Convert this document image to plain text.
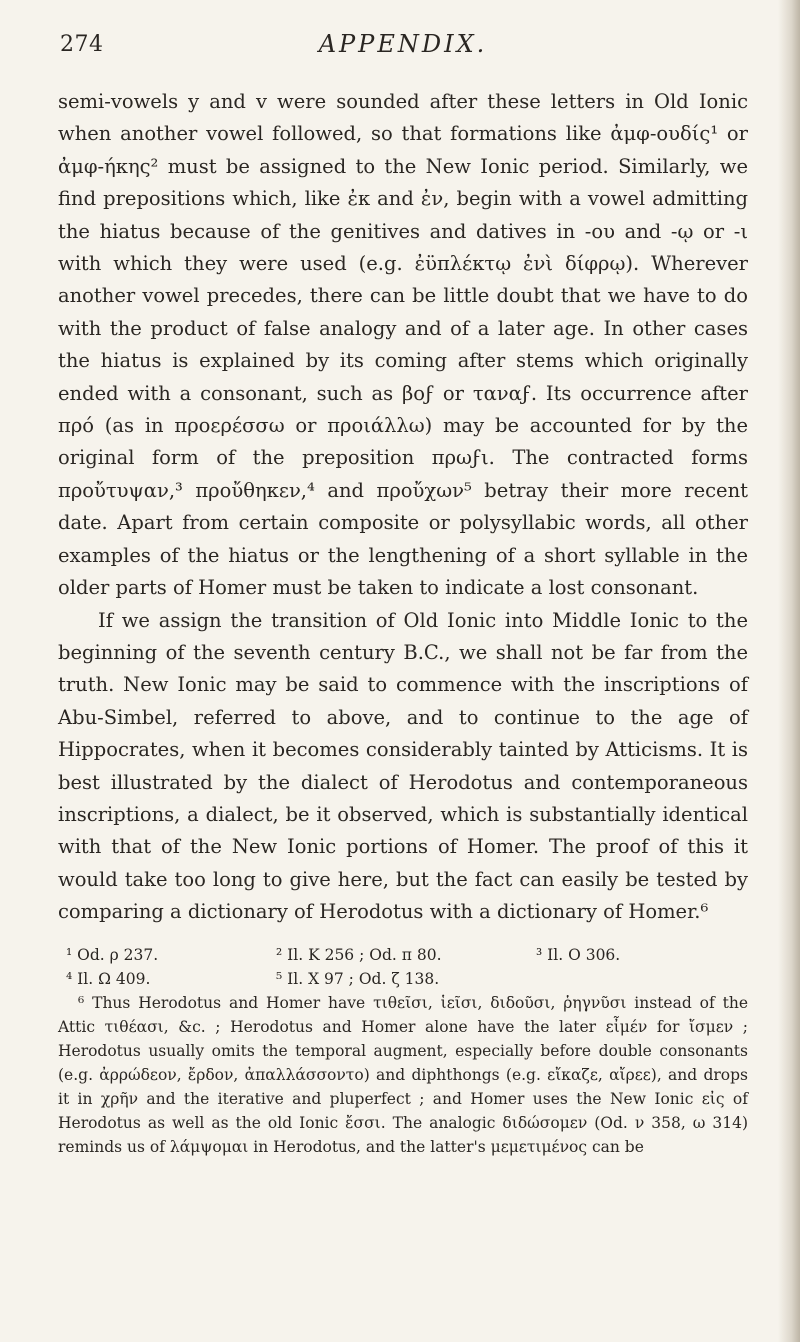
274	APPENDIX.

semi-vowels y and v were sounded after these letters in Old Ionic when another vowel followed, so that formations like ἀμφ-ουδίς¹ or ἀμφ-ήκης² must be assigned to the New Ionic period. Similarly, we find prepositions which, like ἐκ and ἐν, begin with a vowel admitting the hiatus because of the genitives and datives in -ου and -ῳ or -ι with which they were used (e.g. ἐϋπλέκτῳ ἐνὶ δίφρῳ). Wherever another vowel precedes, there can be little doubt that we have to do with the product of false analogy and of a later age. In other cases the hiatus is explained by its coming after stems which originally ended with a consonant, such as βοϝ or ταναϝ. Its occurrence after πρό (as in προερέσσω or προιάλλω) may be accounted for by the original form of the preposition πρωϝι. The contracted forms προὔτυψαν,³ προὔθηκεν,⁴ and προὔχων⁵ betray their more recent date. Apart from certain composite or polysyllabic words, all other examples of the hiatus or the lengthening of a short syllable in the older parts of Homer must be taken to indicate a lost consonant.

If we assign the transition of Old Ionic into Middle Ionic to the beginning of the seventh century B.C., we shall not be far from the truth. New Ionic may be said to commence with the inscriptions of Abu-Simbel, referred to above, and to continue to the age of Hippocrates, when it becomes considerably tainted by Atticisms. It is best illustrated by the dialect of Herodotus and contemporaneous inscriptions, a dialect, be it observed, which is substantially identical with that of the New Ionic portions of Homer. The proof of this it would take too long to give here, but the fact can easily be tested by comparing a dictionary of Herodotus with a dictionary of Homer.⁶

¹ Od. ρ 237.	² Il. K 256 ; Od. π 80.	³ Il. O 306.
⁴ Il. Ω 409.	⁵ Il. X 97 ; Od. ζ 138.

⁶ Thus Herodotus and Homer have τιθεῖσι, ἱεῖσι, διδοῦσι, ῥηγνῦσι instead of the Attic τιθέασι, &c. ; Herodotus and Homer alone have the later εἶμέν for ἴσμεν ; Herodotus usually omits the temporal augment, especially before double consonants (e.g. ἀρρώδεον, ἔρδον, ἀπαλλάσσοντο) and diphthongs (e.g. εἴκαζε, αἴρεε), and drops it in χρῆν and the iterative and pluperfect ; and Homer uses the New Ionic εἰς of Herodotus as well as the old Ionic ἔσσι. The analogic διδώσομεν (Od. ν 358, ω 314) reminds us of λάμψομαι in Herodotus, and the latter's μεμετιμένος can be
